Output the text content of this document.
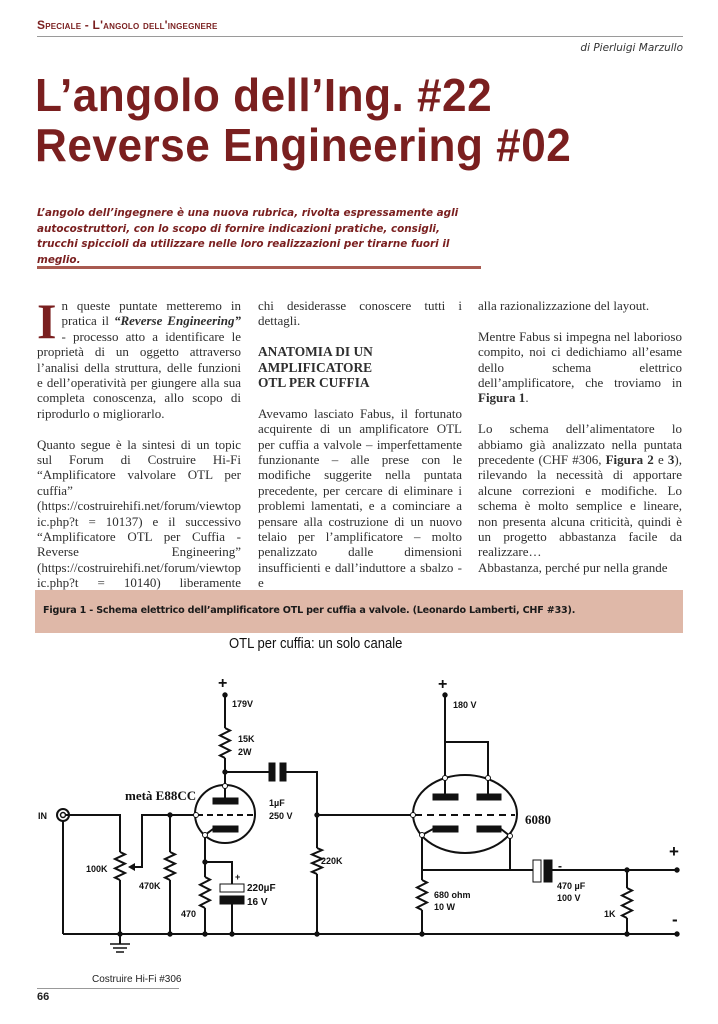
Speciale - L'angolo dell'ingegnere
di Pierluigi Marzullo
L’angolo dell’Ing. #22
Reverse Engineering #02
L’angolo dell’ingegnere è una nuova rubrica, rivolta espressamente agli autocostruttori, con lo scopo di fornire indicazioni pratiche, consigli, trucchi spiccioli da utilizzare nelle loro realizzazioni per tirarne fuori il meglio.

In queste puntate metteremo in pratica il “Reverse Engineering” - processo atto a identificare le proprietà di un oggetto attraverso l’analisi della struttura, delle funzioni e dell’operatività per giungere alla sua completa conoscenza, allo scopo di riprodurlo o migliorarlo.

Quanto segue è la sintesi di un topic sul Forum di Costruire Hi-Fi “Amplificatore valvolare OTL per cuffia” (https://costruirehifi.net/forum/viewtopic.php?t = 10137) e il successivo “Amplificatore OTL per Cuffia - Reverse Engineering” (https://costruirehifi.net/forum/viewtopic.php?t = 10140) liberamente

chi desiderasse conoscere tutti i dettagli.

ANATOMIA DI UN AMPLIFICATORE OTL PER CUFFIA

Avevamo lasciato Fabus, il fortunato acquirente di un amplificatore OTL per cuffia a valvole – imperfettamente funzionante – alle prese con le modifiche suggerite nella puntata precedente, per cercare di eliminare i problemi lamentati, e a cominciare a pensare alla costruzione di un nuovo telaio per l’amplificatore – molto penalizzato dalle dimensioni insufficienti e dall’induttore a sbalzo - e

alla razionalizzazione del layout.

Mentre Fabus si impegna nel laborioso compito, noi ci dedichiamo all’esame dello schema elettrico dell’amplificatore, che troviamo in Figura 1.

Lo schema dell’alimentatore lo abbiamo già analizzato nella puntata precedente (CHF #306, Figura 2 e 3), rilevando la necessità di apportare alcune correzioni e modifiche. Lo schema è molto semplice e lineare, non presenta alcuna criticità, quindi è un progetto abbastanza facile da realizzare…

Abbastanza, perché pur nella grande

Figura 1 - Schema elettrico dell’amplificatore OTL per cuffia a valvole. (Leonardo Lamberti, CHF #33).
OTL per cuffia: un solo canale
+
179V
15K
2W
metà E88CC	1µF
250 V
IN
100K
470K
470
220µF
16 V
+
220K
+
180 V
6080
680 ohm
10 W
470 µF
100 V
-
1K
+
-
Costruire Hi-Fi #306
66
